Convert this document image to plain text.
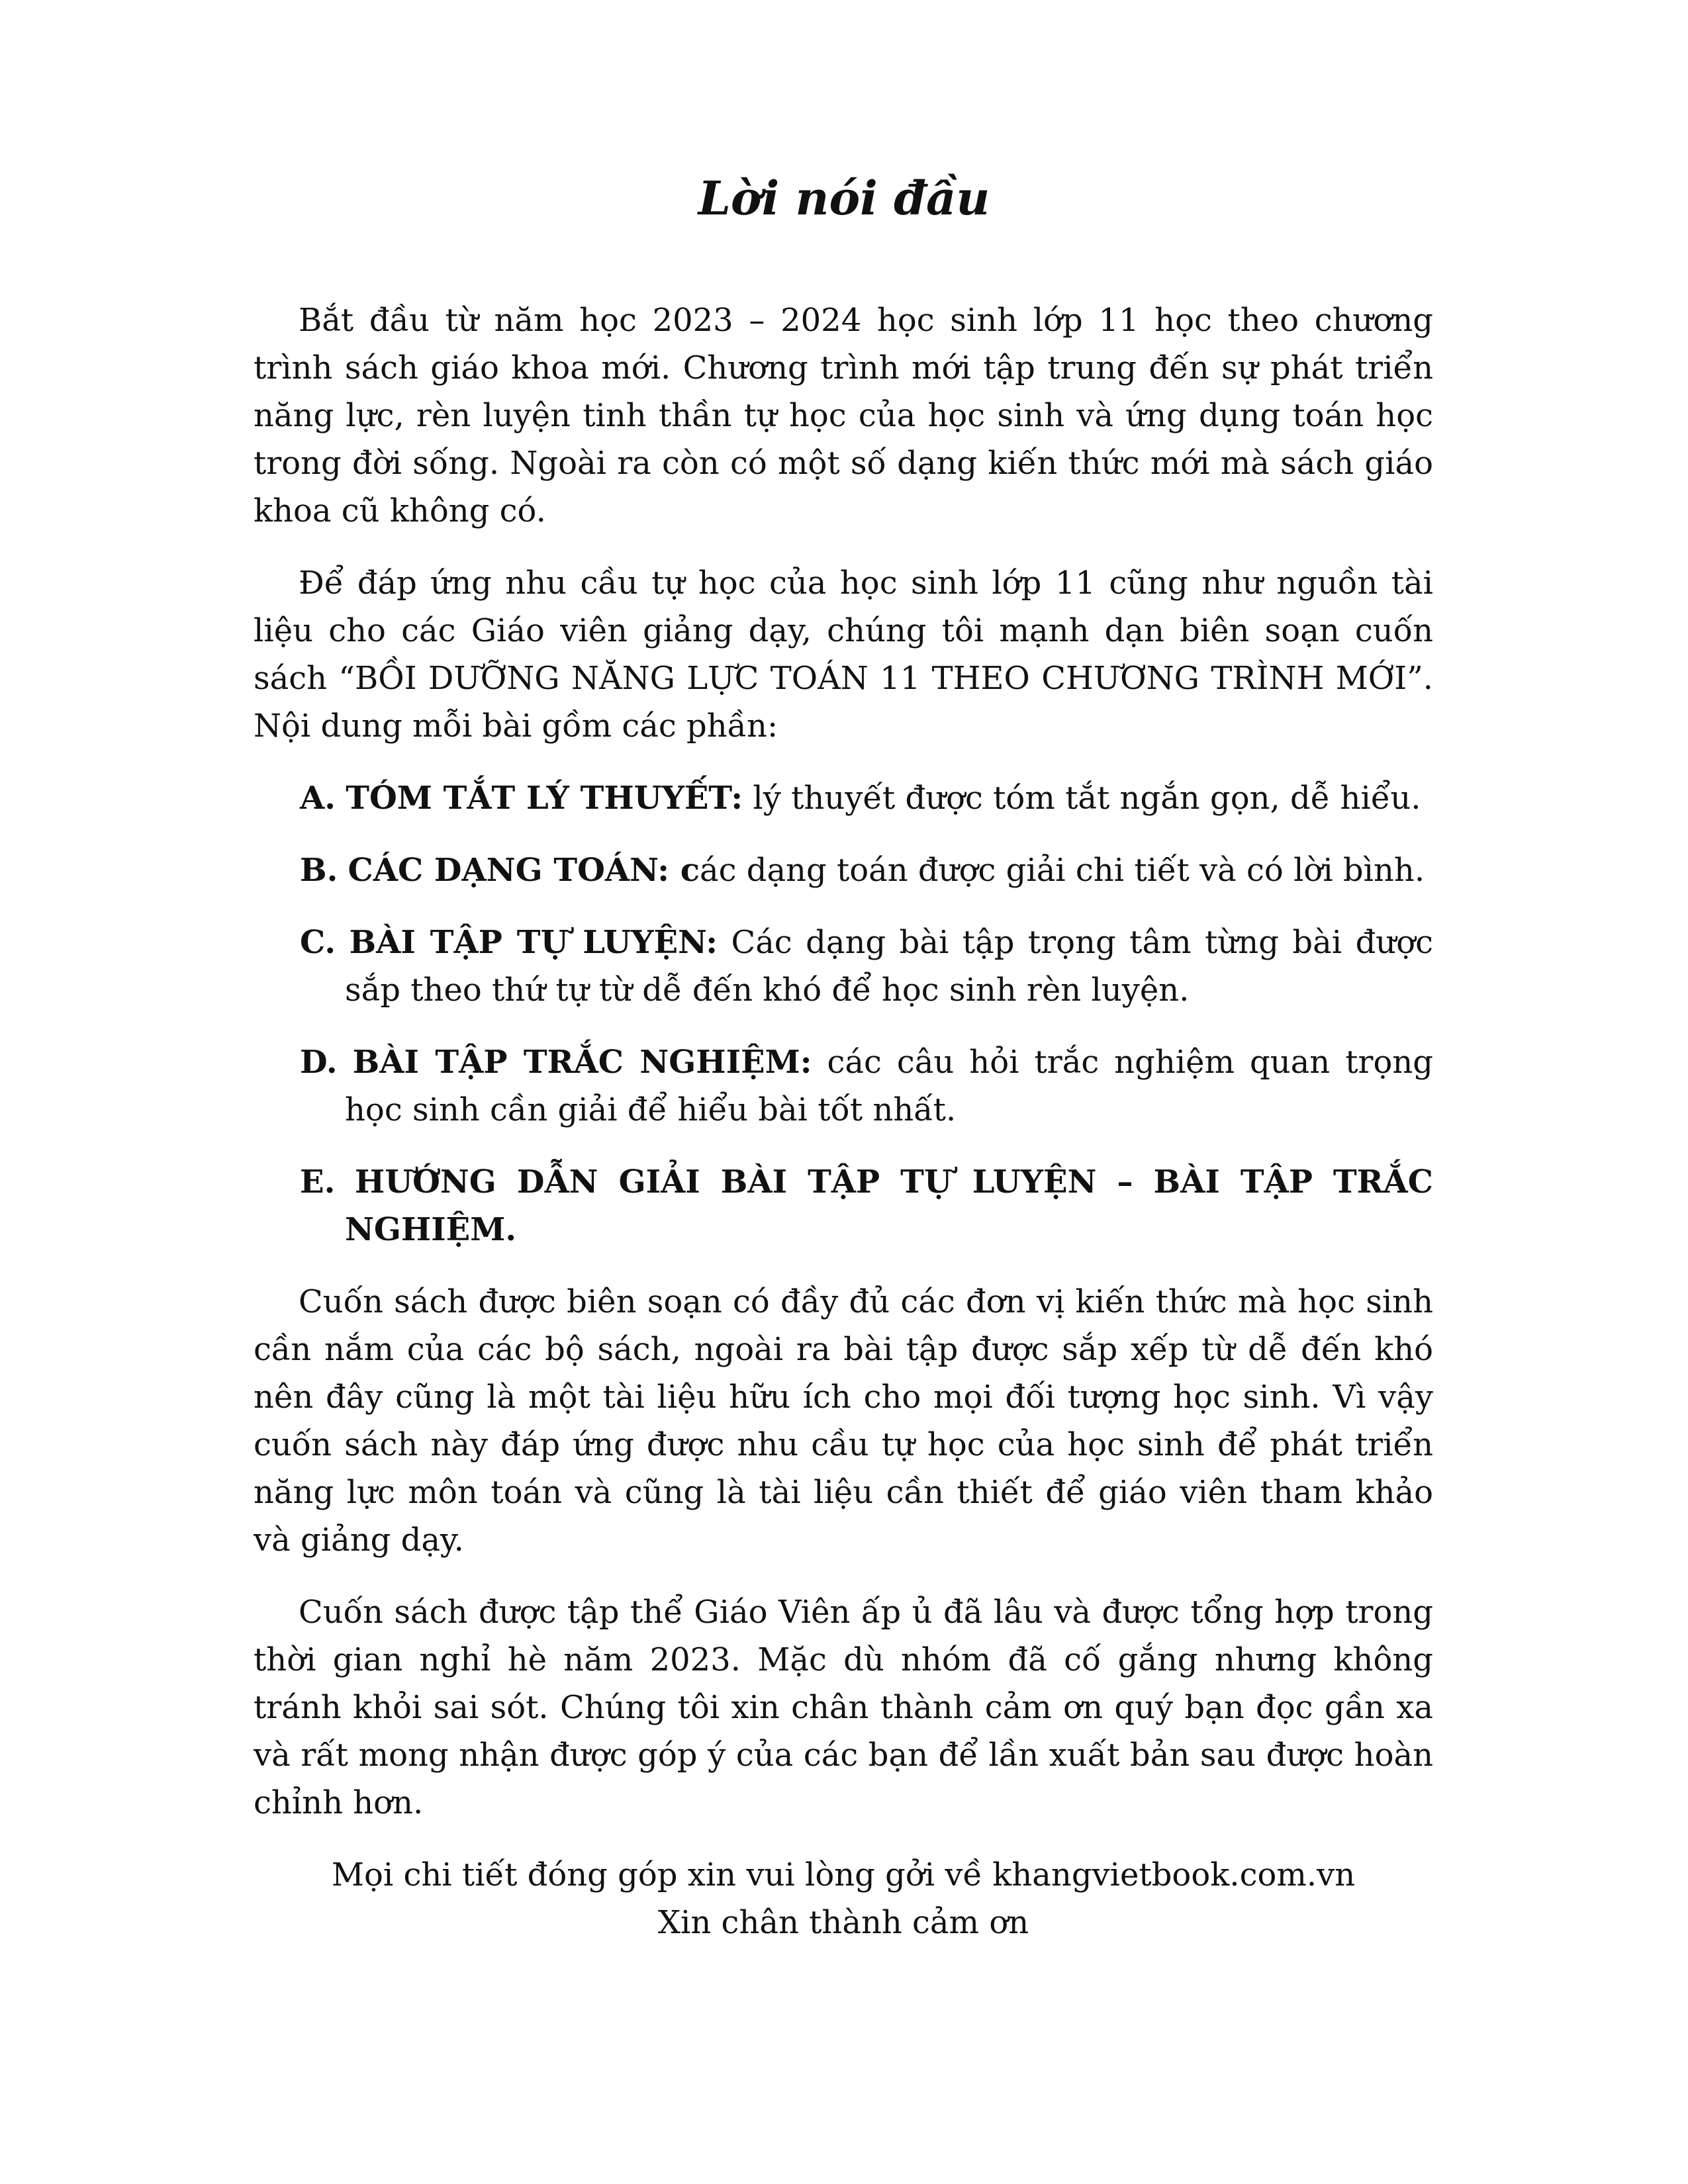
Lời nói đầu

Bắt đầu từ năm học 2023 – 2024 học sinh lớp 11 học theo chương trình sách giáo khoa mới. Chương trình mới tập trung đến sự phát triển năng lực, rèn luyện tinh thần tự học của học sinh và ứng dụng toán học trong đời sống. Ngoài ra còn có một số dạng kiến thức mới mà sách giáo khoa cũ không có.

Để đáp ứng nhu cầu tự học của học sinh lớp 11 cũng như nguồn tài liệu cho các Giáo viên giảng dạy, chúng tôi mạnh dạn biên soạn cuốn sách “BỒI DƯỠNG NĂNG LỰC TOÁN 11 THEO CHƯƠNG TRÌNH MỚI”. Nội dung mỗi bài gồm các phần:

A. TÓM TẮT LÝ THUYẾT: lý thuyết được tóm tắt ngắn gọn, dễ hiểu.

B. CÁC DẠNG TOÁN: các dạng toán được giải chi tiết và có lời bình.

C. BÀI TẬP TỰ LUYỆN: Các dạng bài tập trọng tâm từng bài được sắp theo thứ tự từ dễ đến khó để học sinh rèn luyện.

D. BÀI TẬP TRẮC NGHIỆM: các câu hỏi trắc nghiệm quan trọng học sinh cần giải để hiểu bài tốt nhất.

E. HƯỚNG DẪN GIẢI BÀI TẬP TỰ LUYỆN – BÀI TẬP TRẮC NGHIỆM.

Cuốn sách được biên soạn có đầy đủ các đơn vị kiến thức mà học sinh cần nắm của các bộ sách, ngoài ra bài tập được sắp xếp từ dễ đến khó nên đây cũng là một tài liệu hữu ích cho mọi đối tượng học sinh. Vì vậy cuốn sách này đáp ứng được nhu cầu tự học của học sinh để phát triển năng lực môn toán và cũng là tài liệu cần thiết để giáo viên tham khảo và giảng dạy.

Cuốn sách được tập thể Giáo Viên ấp ủ đã lâu và được tổng hợp trong thời gian nghỉ hè năm 2023. Mặc dù nhóm đã cố gắng nhưng không tránh khỏi sai sót. Chúng tôi xin chân thành cảm ơn quý bạn đọc gần xa và rất mong nhận được góp ý của các bạn để lần xuất bản sau được hoàn chỉnh hơn.

Mọi chi tiết đóng góp xin vui lòng gởi về khangvietbook.com.vn

Xin chân thành cảm ơn
